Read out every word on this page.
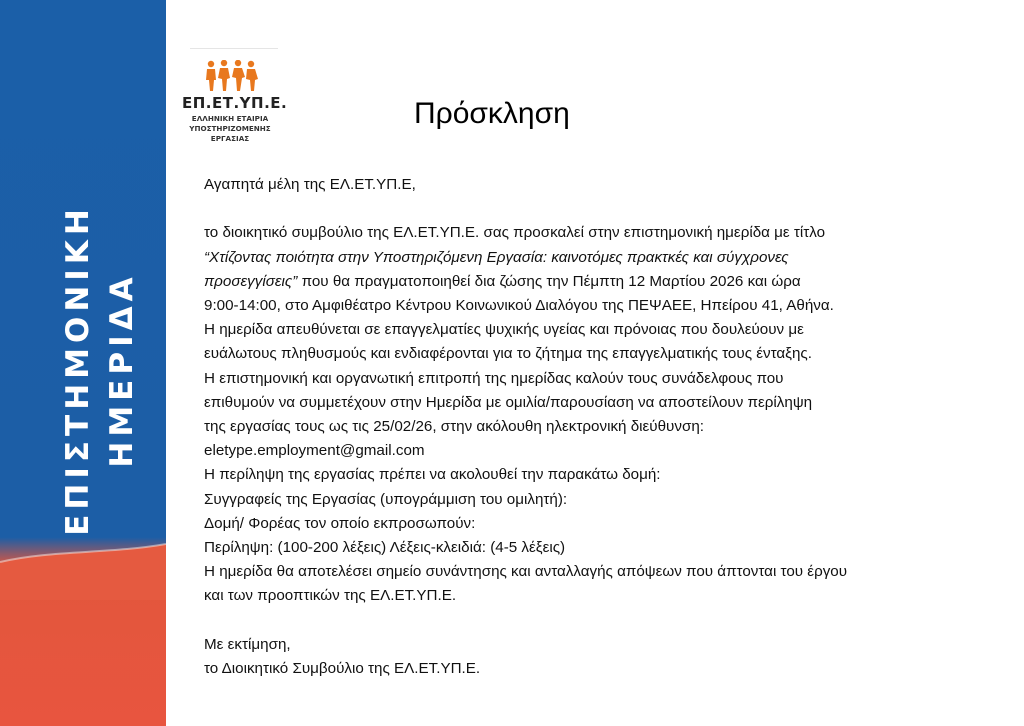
ΕΠΙΣΤΗΜΟΝΙΚΗ ΗΜΕΡΙΔΑ
ΕΠ.ΕΤ.ΥΠ.Ε.
ΕΛΛΗΝΙΚΗ ΕΤΑΙΡΙΑ
ΥΠΟΣΤΗΡΙΖΟΜΕΝΗΣ
ΕΡΓΑΣΙΑΣ
Πρόσκληση

Αγαπητά μέλη της ΕΛ.ΕΤ.ΥΠ.Ε,

το διοικητικό συμβούλιο της ΕΛ.ΕΤ.ΥΠ.Ε. σας προσκαλεί στην επιστημονική ημερίδα με τίτλο

“Χτίζοντας ποιότητα στην Υποστηριζόμενη Εργασία: καινοτόμες πρακτκές και σύγχρονες

προσεγγίσεις” που θα πραγματοποιηθεί δια ζώσης την Πέμπτη 12 Μαρτίου 2026 και ώρα

9:00-14:00, στο Αμφιθέατρο Κέντρου Κοινωνικού Διαλόγου της ΠΕΨΑΕΕ, Ηπείρου 41, Αθήνα.

Η ημερίδα απευθύνεται σε επαγγελματίες ψυχικής υγείας και πρόνοιας που δουλεύουν με

ευάλωτους πληθυσμούς και ενδιαφέρονται για το ζήτημα της επαγγελματικής τους ένταξης.

Η επιστημονική και οργανωτική επιτροπή της ημερίδας καλούν τους συνάδελφους που

επιθυμούν να συμμετέχουν στην Ημερίδα με ομιλία/παρουσίαση να αποστείλουν περίληψη

της εργασίας τους ως τις 25/02/26, στην ακόλουθη ηλεκτρονική διεύθυνση:

eletype.employment@gmail.com

Η περίληψη της εργασίας πρέπει να ακολουθεί την παρακάτω δομή:

Συγγραφείς της Εργασίας (υπογράμμιση του ομιλητή):

Δομή/ Φορέας τον οποίο εκπροσωπούν:

Περίληψη: (100-200 λέξεις) Λέξεις-κλειδιά: (4-5 λέξεις)

Η ημερίδα θα αποτελέσει σημείο συνάντησης και ανταλλαγής απόψεων που άπτονται του έργου

και των προοπτικών της ΕΛ.ΕΤ.ΥΠ.Ε.

Με εκτίμηση,

το Διοικητικό Συμβούλιο της ΕΛ.ΕΤ.ΥΠ.Ε.
